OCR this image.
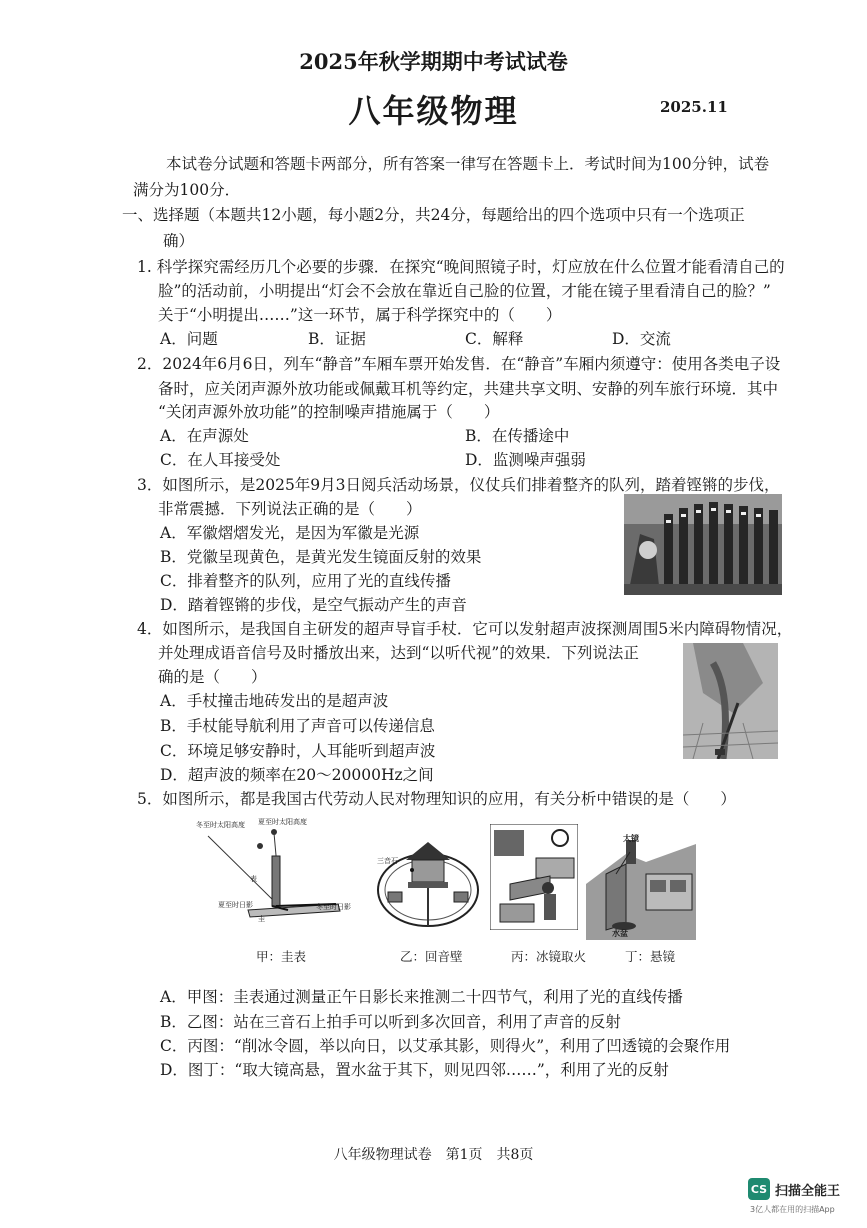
2025年秋学期期中考试试卷
八年级物理	2025.11
本试卷分试题和答题卡两部分，所有答案一律写在答题卡上．考试时间为100分钟，试卷
满分为100分．
一、选择题（本题共12小题，每小题2分，共24分，每题给出的四个选项中只有一个选项正
确）
1. 科学探究需经历几个必要的步骤．在探究“晚间照镜子时，灯应放在什么位置才能看清自己的
脸”的活动前，小明提出“灯会不会放在靠近自己脸的位置，才能在镜子里看清自己的脸？”
关于“小明提出……”这一环节，属于科学探究中的（　　）
A．问题	B．证据	C．解释	D．交流
2．2024年6月6日，列车“静音”车厢车票开始发售．在“静音”车厢内须遵守：使用各类电子设
备时，应关闭声源外放功能或佩戴耳机等约定，共建共享文明、安静的列车旅行环境．其中
“关闭声源外放功能”的控制噪声措施属于（　　）
A．在声源处	B．在传播途中
C．在人耳接受处	D．监测噪声强弱
3．如图所示，是2025年9月3日阅兵活动场景，仪仗兵们排着整齐的队列，踏着铿锵的步伐，
非常震撼．下列说法正确的是（　　）
A．军徽熠熠发光，是因为军徽是光源
B．党徽呈现黄色，是黄光发生镜面反射的效果
C．排着整齐的队列，应用了光的直线传播
D．踏着铿锵的步伐，是空气振动产生的声音
4．如图所示，是我国自主研发的超声导盲手杖．它可以发射超声波探测周围5米内障碍物情况，
并处理成语音信号及时播放出来，达到“以听代视”的效果．下列说法正
确的是（　　）
A．手杖撞击地砖发出的是超声波
B．手杖能导航利用了声音可以传递信息
C．环境足够安静时，人耳能听到超声波
D．超声波的频率在20～20000Hz之间
5．如图所示，都是我国古代劳动人民对物理知识的应用，有关分析中错误的是（　　）
冬至时太阳高度 夏至时太阳高度
表
夏至时日影	冬至时日影
圭
三音石
大镜
水盆
甲：圭表	乙：回音壁	丙：冰镜取火	丁：悬镜
A．甲图：圭表通过测量正午日影长来推测二十四节气，利用了光的直线传播
B．乙图：站在三音石上拍手可以听到多次回音，利用了声音的反射
C．丙图：“削冰令圆，举以向日，以艾承其影，则得火”，利用了凹透镜的会聚作用
D．图丁：“取大镜高悬，置水盆于其下，则见四邻……”，利用了光的反射
八年级物理试卷　第1页　共8页
CS 扫描全能王
3亿人都在用的扫描App
